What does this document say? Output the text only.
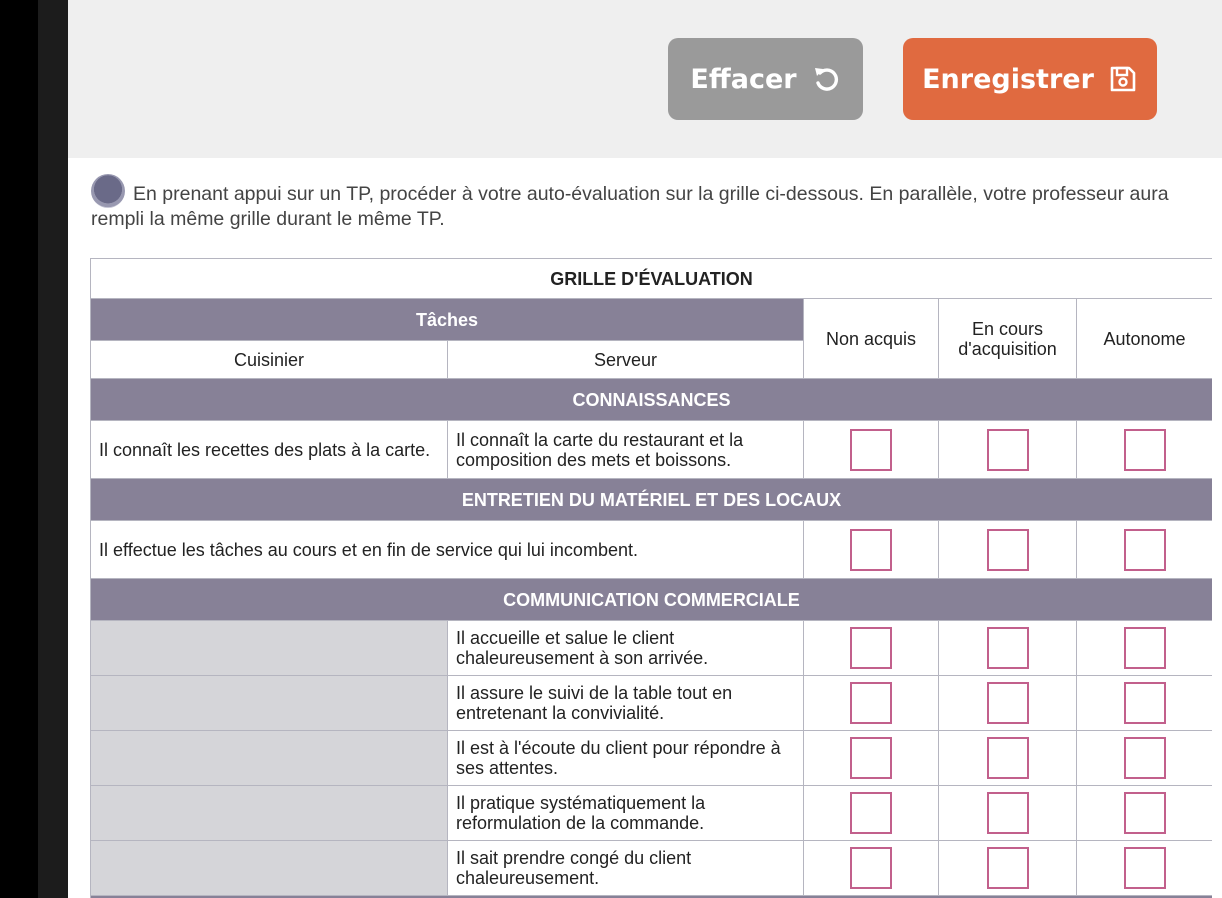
Effacer	Enregistrer
En prenant appui sur un TP, procéder à votre auto-évaluation sur la grille ci-dessous. En parallèle, votre professeur aura rempli la même grille durant le même TP.
GRILLE D'ÉVALUATION				
Tâches		Non acquis	En cours d'acquisition	Autonome
Cuisinier	Serveur			
CONNAISSANCES				
Il connaît les recettes des plats à la carte.	Il connaît la carte du restaurant et la composition des mets et boissons.			
ENTRETIEN DU MATÉRIEL ET DES LOCAUX				
Il effectue les tâches au cours et en fin de service qui lui incombent.				
COMMUNICATION COMMERCIALE				
	Il accueille et salue le client chaleureusement à son arrivée.			
	Il assure le suivi de la table tout en entretenant la convivialité.			
	Il est à l'écoute du client pour répondre à ses attentes.			
	Il pratique systématiquement la reformulation de la commande.			
	Il sait prendre congé du client chaleureusement.			
